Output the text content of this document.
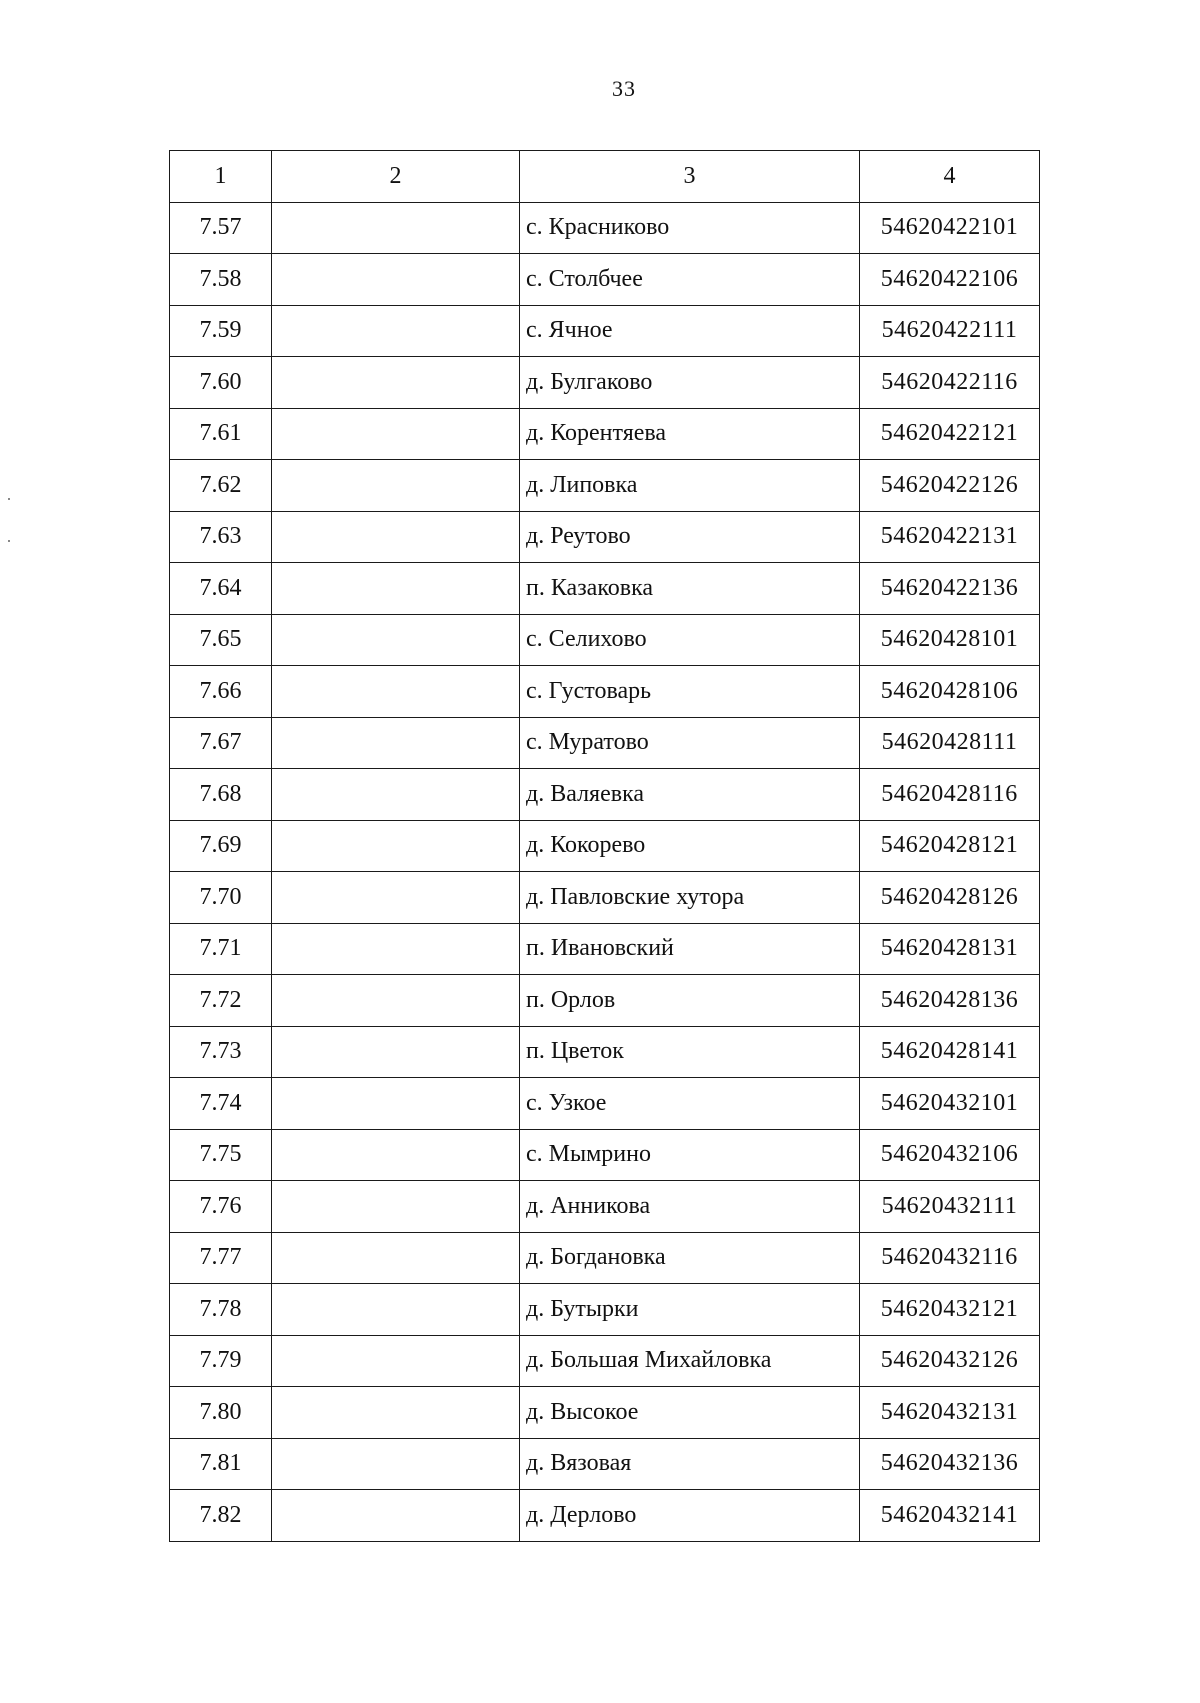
33
1	2	3	4
7.57		с. Красниково	54620422101
7.58		с. Столбчее	54620422106
7.59		с. Ячное	54620422111
7.60		д. Булгаково	54620422116
7.61		д. Корентяева	54620422121
7.62		д. Липовка	54620422126
7.63		д. Реутово	54620422131
7.64		п. Казаковка	54620422136
7.65		с. Селихово	54620428101
7.66		с. Густоварь	54620428106
7.67		с. Муратово	54620428111
7.68		д. Валяевка	54620428116
7.69		д. Кокорево	54620428121
7.70		д. Павловские хутора	54620428126
7.71		п. Ивановский	54620428131
7.72		п. Орлов	54620428136
7.73		п. Цветок	54620428141
7.74		с. Узкое	54620432101
7.75		с. Мымрино	54620432106
7.76		д. Анникова	54620432111
7.77		д. Богдановка	54620432116
7.78		д. Бутырки	54620432121
7.79		д. Большая Михайловка	54620432126
7.80		д. Высокое	54620432131
7.81		д. Вязовая	54620432136
7.82		д. Дерлово	54620432141
